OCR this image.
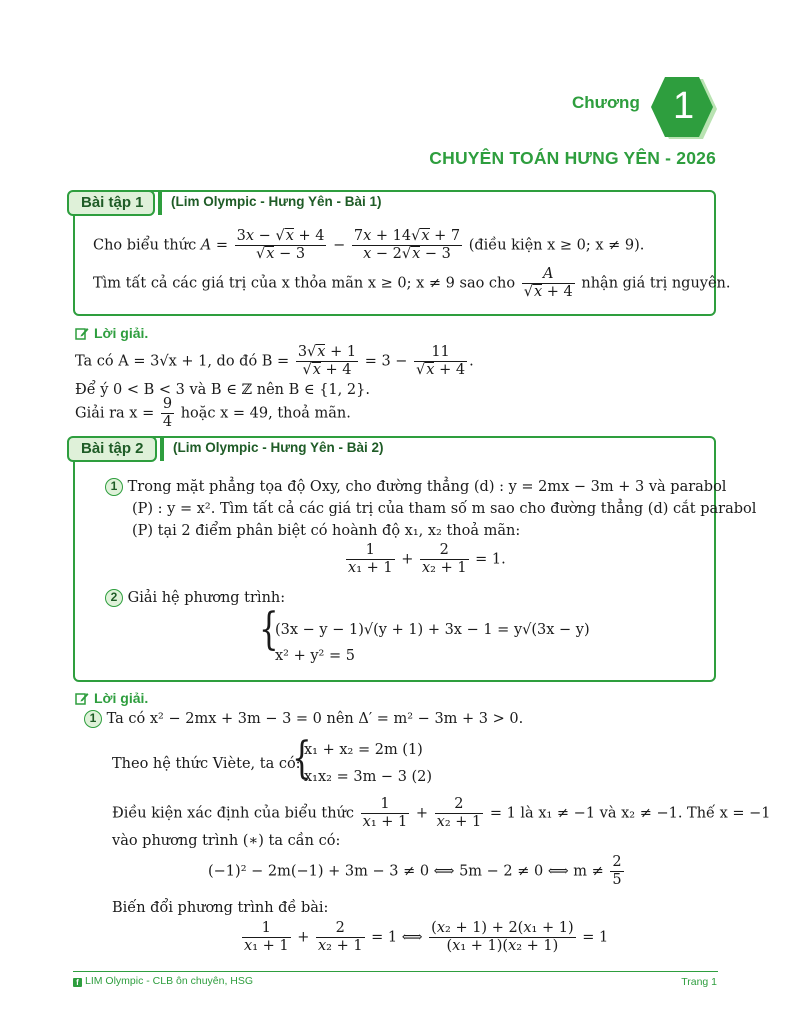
Chương 1
CHUYÊN TOÁN HƯNG YÊN - 2026
Bài tập 1	(Lim Olympic - Hưng Yên - Bài 1)
Cho biểu thức $A = \frac{3x - √x + 4}{√x - 3} - \frac{7x + 14√x + 7}{x - 2√x - 3}$ (điều kiện x ≥ 0; x ≠ 9).
Tìm tất cả các giá trị của x thỏa mãn x ≥ 0; x ≠ 9 sao cho $\frac{A}{√x + 4}$ nhận giá trị nguyên.
Lời giải.
Ta có A = 3√x + 1, do đó $B = \frac{3√x + 1}{√x + 4} = 3 - \frac{11}{√x + 4}$ .
Để ý 0 < B < 3 và B ∈ ℤ nên B ∈ {1, 2}.
Giải ra $x = \frac{9}{4}$ hoặc x = 49, thoả mãn.
Bài tập 2	(Lim Olympic - Hưng Yên - Bài 2)
1 Trong mặt phẳng tọa độ Oxy, cho đường thẳng (d) : y = 2mx − 3m + 3 và parabol
(P) : y = x². Tìm tất cả các giá trị của tham số m sao cho đường thẳng (d) cắt parabol
(P) tại 2 điểm phân biệt có hoành độ x₁, x₂ thoả mãn:
$\frac{1}{\text{x₁ + 1}} + \frac{2}{\text{x₂ + 1}} = 1$.
2 Giải hệ phương trình:
{
(3x − y − 1)√(y + 1) + 3x − 1 = y√(3x − y)
x² + y² = 5
Lời giải.
1 Ta có x² − 2mx + 3m − 3 = 0 nên Δ′ = m² − 3m + 3 > 0.
Theo hệ thức Viète, ta có:
{
x₁ + x₂ = 2m (1)
x₁x₂ = 3m − 3 (2)
Điều kiện xác định của biểu thức $\frac{1}{\text{x₁ + 1}} + \frac{2}{\text{x₂ + 1}} = 1$ là x₁ ≠ −1 và x₂ ≠ −1. Thế x = −1
vào phương trình (∗) ta cần có:
(−1)² − 2m(−1) + 3m − 3 ≠ 0 ⟺ 5m − 2 ≠ 0 ⟺ $m \ne \frac{2}{5}$
Biến đổi phương trình đề bài:
$\frac{1}{\text{x₁ + 1}} + \frac{2}{\text{x₂ + 1}} = 1$ ⟺ $\frac{\text{(x₂ + 1) + 2(x₁ + 1)}}{\text{(x₁ + 1)(x₂ + 1)}} = 1$
f LIM Olympic - CLB ôn chuyên, HSG	Trang 1
